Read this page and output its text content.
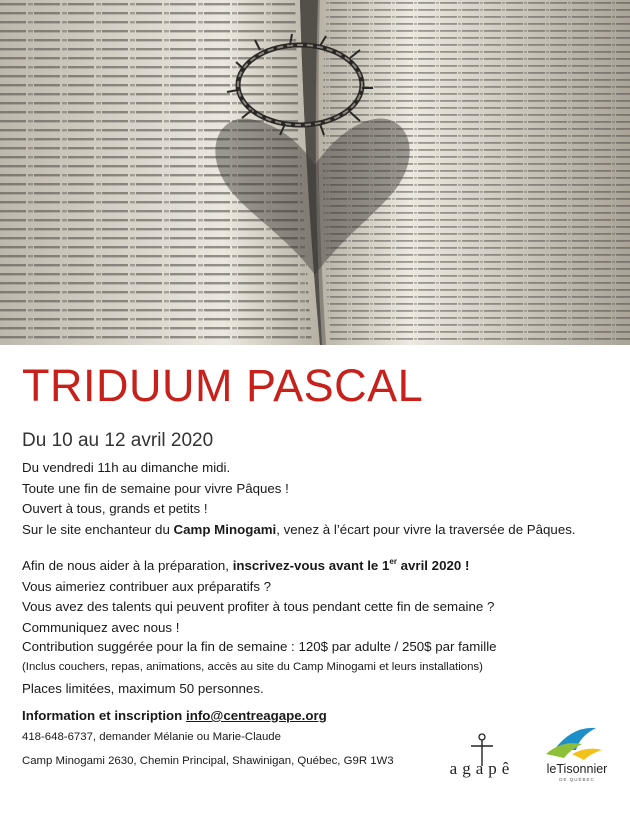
TRIDUUM PASCAL
Du 10 au 12 avril 2020

Du vendredi 11h au dimanche midi.

Toute une fin de semaine pour vivre Pâques !

Ouvert à tous, grands et petits !

Sur le site enchanteur du Camp Minogami, venez à l’écart pour vivre la traversée de Pâques.

Afin de nous aider à la préparation, inscrivez-vous avant le 1er avril 2020 !

Vous aimeriez contribuer aux préparatifs ?

Vous avez des talents qui peuvent profiter à tous pendant cette fin de semaine ?

Communiquez avec nous !

Contribution suggérée pour la fin de semaine : 120$ par adulte / 250$ par famille

(Inclus couchers, repas, animations, accès au site du Camp Minogami et leurs installations)

Places limitées, maximum 50 personnes.
Information et inscription info@centreagape.org
418-648-6737, demander Mélanie ou Marie-Claude
Camp Minogami 2630, Chemin Principal, Shawinigan, Québec, G9R 1W3	agapê	leTisonnier
DE QUÉBEC
